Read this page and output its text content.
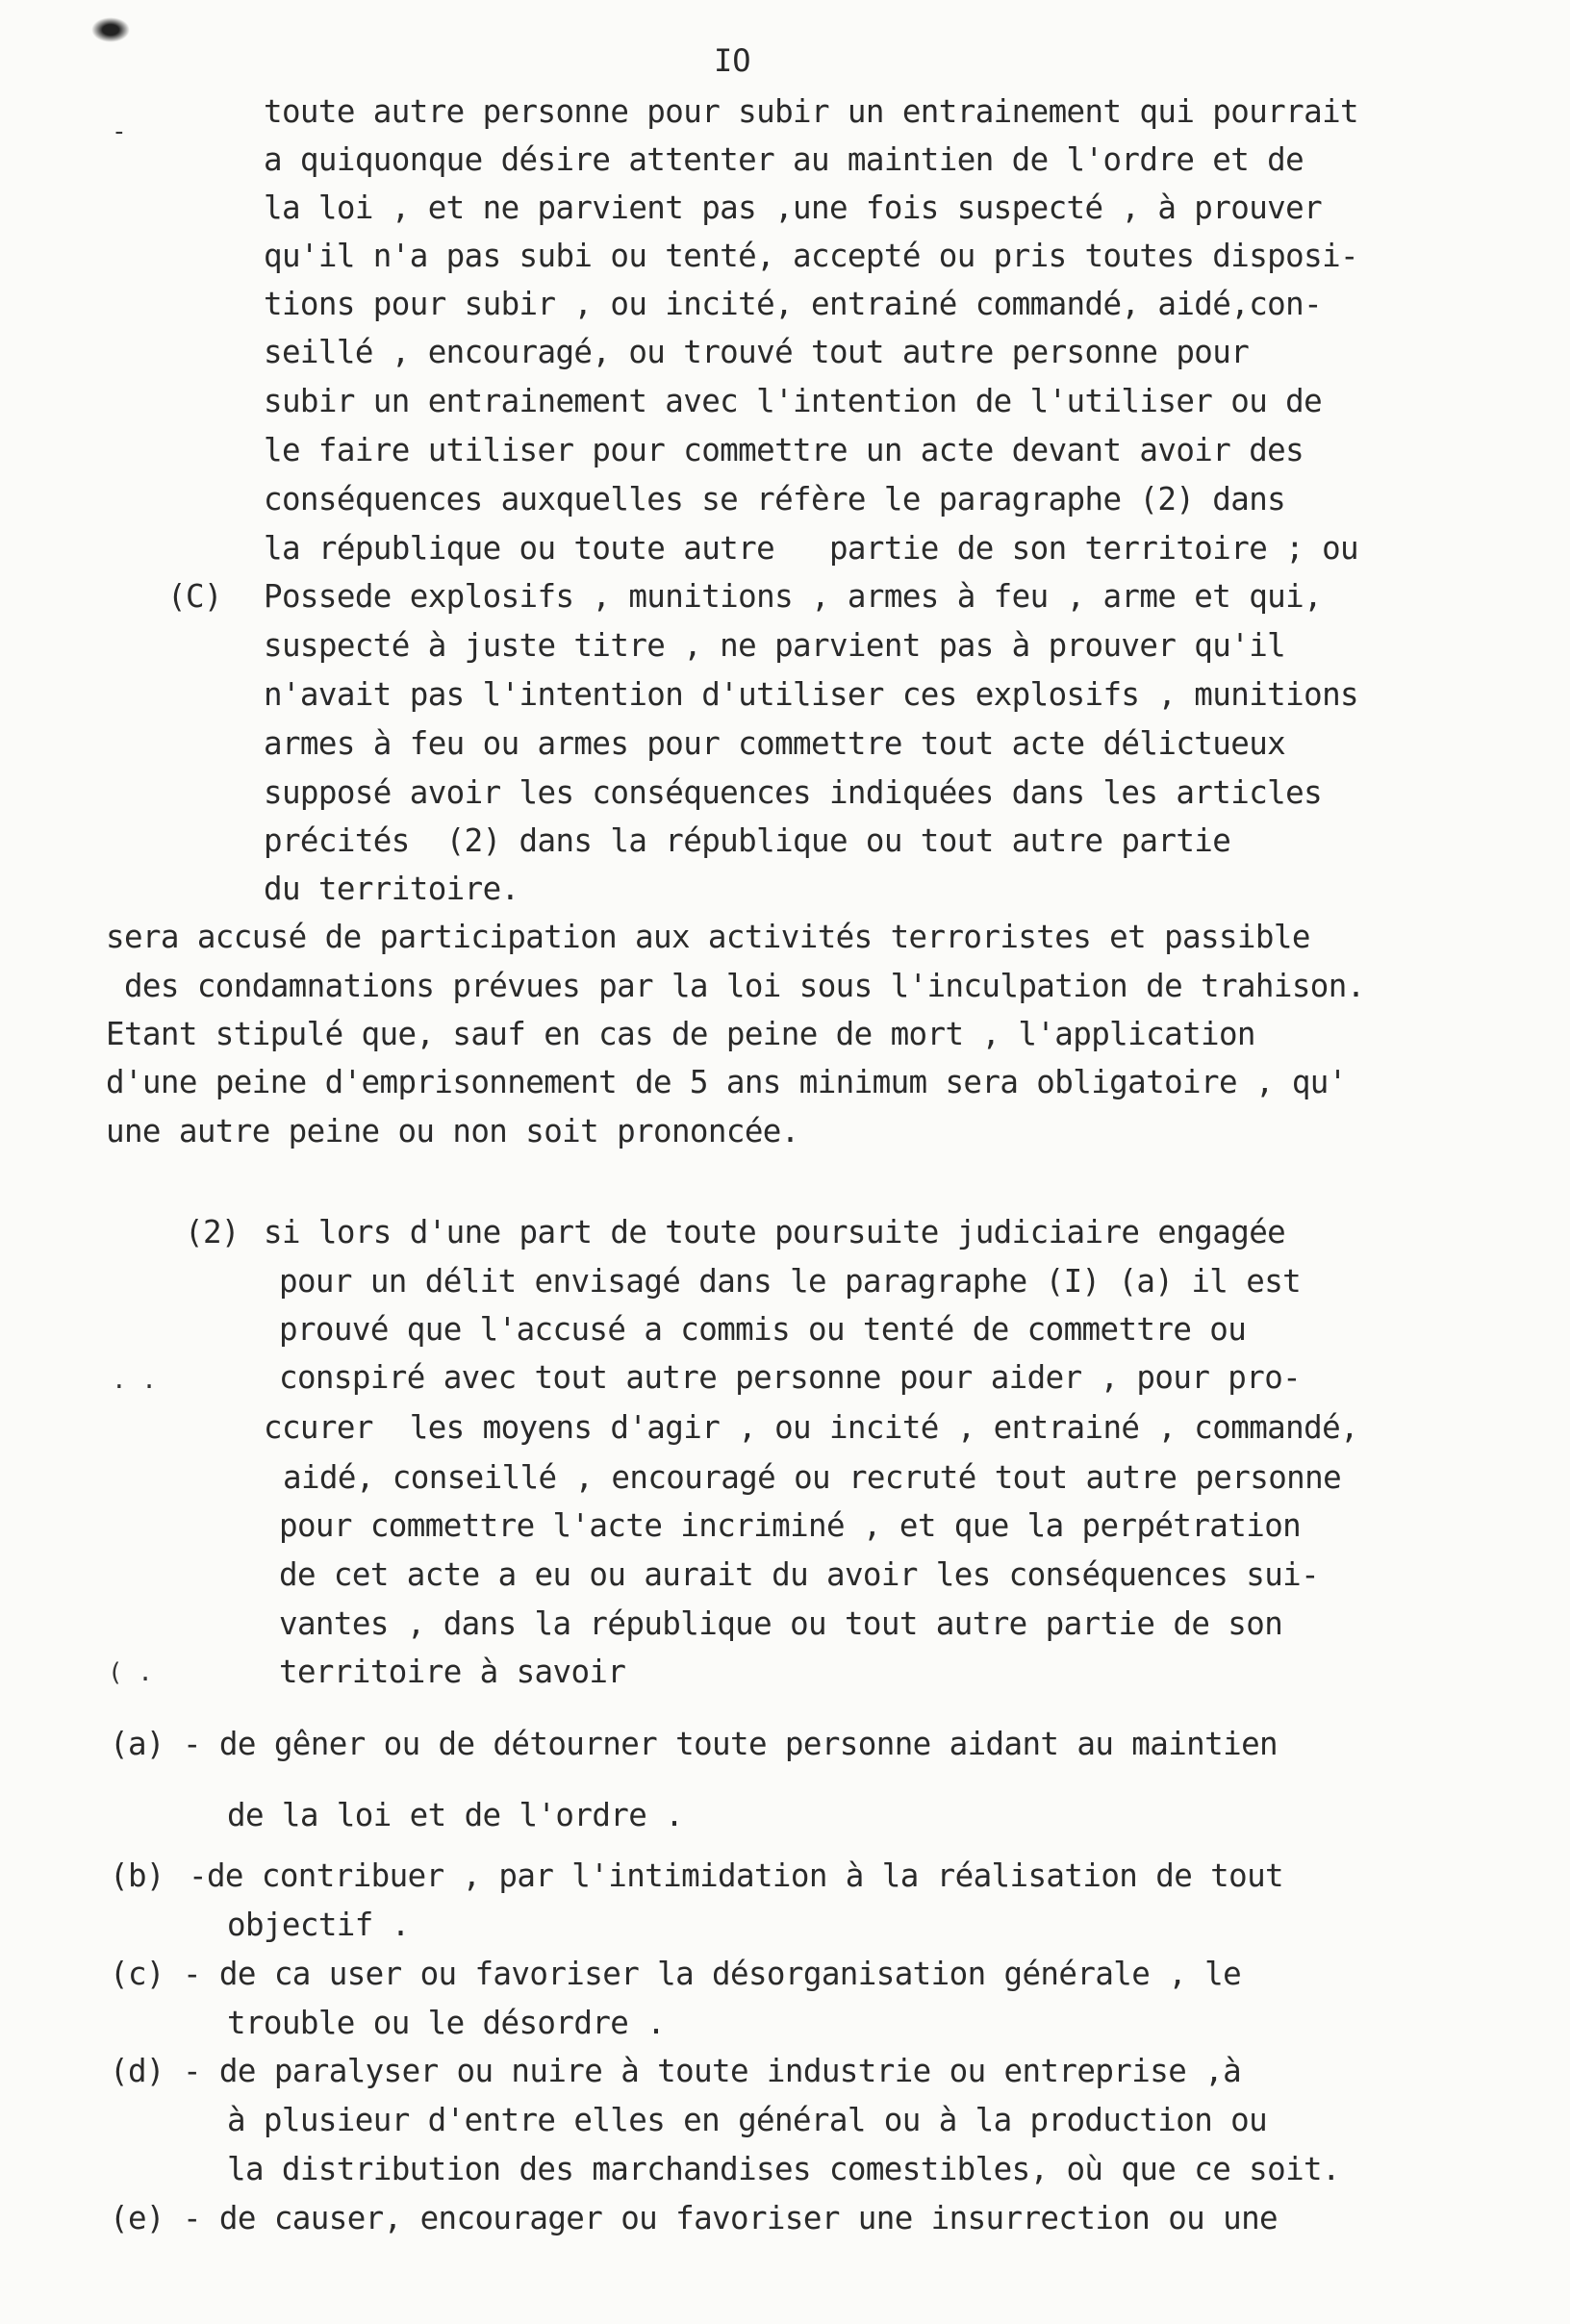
-
. .
( .
IO
toute autre personne pour subir un entrainement qui pourrait
a quiquonque désire attenter au maintien de l'ordre et de
la loi , et ne parvient pas ,une fois suspecté , à prouver
qu'il n'a pas subi ou tenté, accepté ou pris toutes disposi-
tions pour subir , ou incité, entrainé commandé, aidé,con-
seillé , encouragé, ou trouvé tout autre personne pour
subir un entrainement avec l'intention de l'utiliser ou de
le faire utiliser pour commettre un acte devant avoir des
conséquences auxquelles se réfère le paragraphe (2) dans
la république ou toute autre   partie de son territoire ; ou
(C) Possede explosifs , munitions , armes à feu , arme et qui,
suspecté à juste titre , ne parvient pas à prouver qu'il
n'avait pas l'intention d'utiliser ces explosifs , munitions
armes à feu ou armes pour commettre tout acte délictueux
supposé avoir les conséquences indiquées dans les articles
précités  (2) dans la république ou tout autre partie
du territoire.
sera accusé de participation aux activités terroristes et passible
des condamnations prévues par la loi sous l'inculpation de trahison.
Etant stipulé que, sauf en cas de peine de mort , l'application
d'une peine d'emprisonnement de 5 ans minimum sera obligatoire , qu'
une autre peine ou non soit prononcée.
(2) si lors d'une part de toute poursuite judiciaire engagée
pour un délit envisagé dans le paragraphe (I) (a) il est
prouvé que l'accusé a commis ou tenté de commettre ou
conspiré avec tout autre personne pour aider , pour pro-
ccurer  les moyens d'agir , ou incité , entrainé , commandé,
aidé, conseillé , encouragé ou recruté tout autre personne
pour commettre l'acte incriminé , et que la perpétration
de cet acte a eu ou aurait du avoir les conséquences sui-
vantes , dans la république ou tout autre partie de son
territoire à savoir
(a) - de gêner ou de détourner toute personne aidant au maintien
de la loi et de l'ordre .
(b) -de contribuer , par l'intimidation à la réalisation de tout
objectif .
(c) - de ca user ou favoriser la désorganisation générale , le
trouble ou le désordre .
(d) - de paralyser ou nuire à toute industrie ou entreprise ,à
à plusieur d'entre elles en général ou à la production ou
la distribution des marchandises comestibles, où que ce soit.
(e) - de causer, encourager ou favoriser une insurrection ou une
